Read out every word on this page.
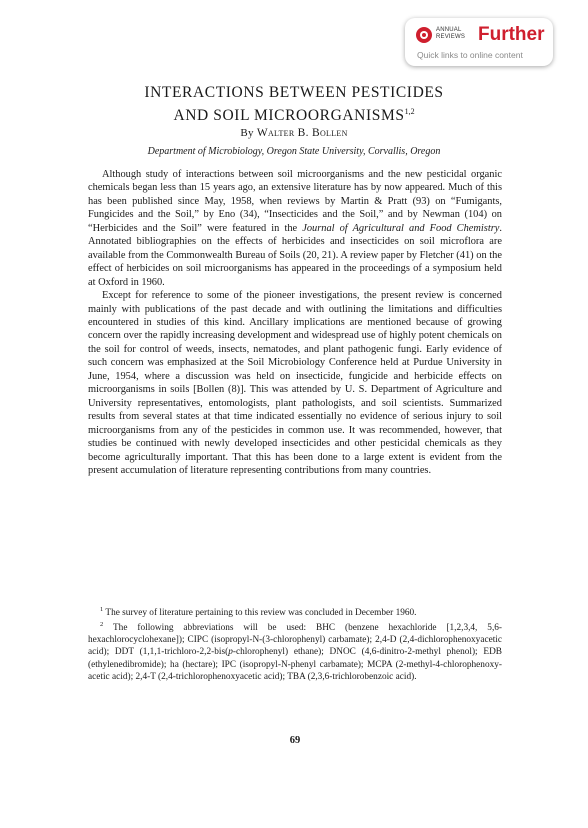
ANNUAL
REVIEWS Further
Quick links to online content
INTERACTIONS BETWEEN PESTICIDES
AND SOIL MICROORGANISMS$^{1,2}$
By Walter B. Bollen
Department of Microbiology, Oregon State University, Corvallis, Oregon

Although study of interactions between soil microorganisms and the new pesticidal organic chemicals began less than 15 years ago, an extensive literature has by now appeared. Much of this has been published since May, 1958, when reviews by Martin & Pratt (93) on “Fumigants, Fungicides and the Soil,” by Eno (34), “Insecticides and the Soil,” and by Newman (104) on “Herbicides and the Soil” were featured in the Journal of Agricultural and Food Chemistry. Annotated bibliographies on the effects of herbicides and insecticides on soil microflora are available from the Commonwealth Bureau of Soils (20, 21). A review paper by Fletcher (41) on the effect of herbicides on soil microorganisms has appeared in the proceedings of a symposium held at Oxford in 1960.

Except for reference to some of the pioneer investigations, the present review is concerned mainly with publications of the past decade and with outlining the limitations and difficulties encountered in studies of this kind. Ancillary implications are mentioned because of growing concern over the rapidly increasing development and widespread use of highly potent chemicals on the soil for control of weeds, insects, nematodes, and plant pathogenic fungi. Early evidence of such concern was emphasized at the Soil Microbiology Conference held at Purdue University in June, 1954, where a discussion was held on insecticide, fungicide and herbicide effects on microorganisms in soils [Bollen (8)]. This was attended by U. S. Department of Agriculture and University representatives, entomologists, plant pathologists, and soil scientists. Summarized results from several states at that time indicated essentially no evidence of serious injury to soil microorganisms from any of the pesticides in common use. It was recommended, however, that studies be continued with newly developed insecticides and other pesticidal chemicals as they become agriculturally important. That this has been done to a large extent is evident from the present accumulation of literature representing contributions from many countries.

$^1$ The survey of literature pertaining to this review was concluded in December 1960.

$^2$ The following abbreviations will be used: BHC (benzene hexachloride [1,2,3,4, 5,6-hexachlorocyclohexane]); CIPC (isopropyl-N-(3-chlorophenyl) carbamate); 2,4-D (2,4-dichlorophenoxyacetic acid); DDT (1,1,1-trichloro-2,2-bis(p-chlorophenyl) ethane); DNOC (4,6-dinitro-2-methyl phenol); EDB (ethylenedibromide); ha (hectare); IPC (isopropyl-N-phenyl carbamate); MCPA (2-methyl-4-chlorophenoxy-acetic acid); 2,4-T (2,4-trichlorophenoxyacetic acid); TBA (2,3,6-trichlorobenzoic acid).

69
